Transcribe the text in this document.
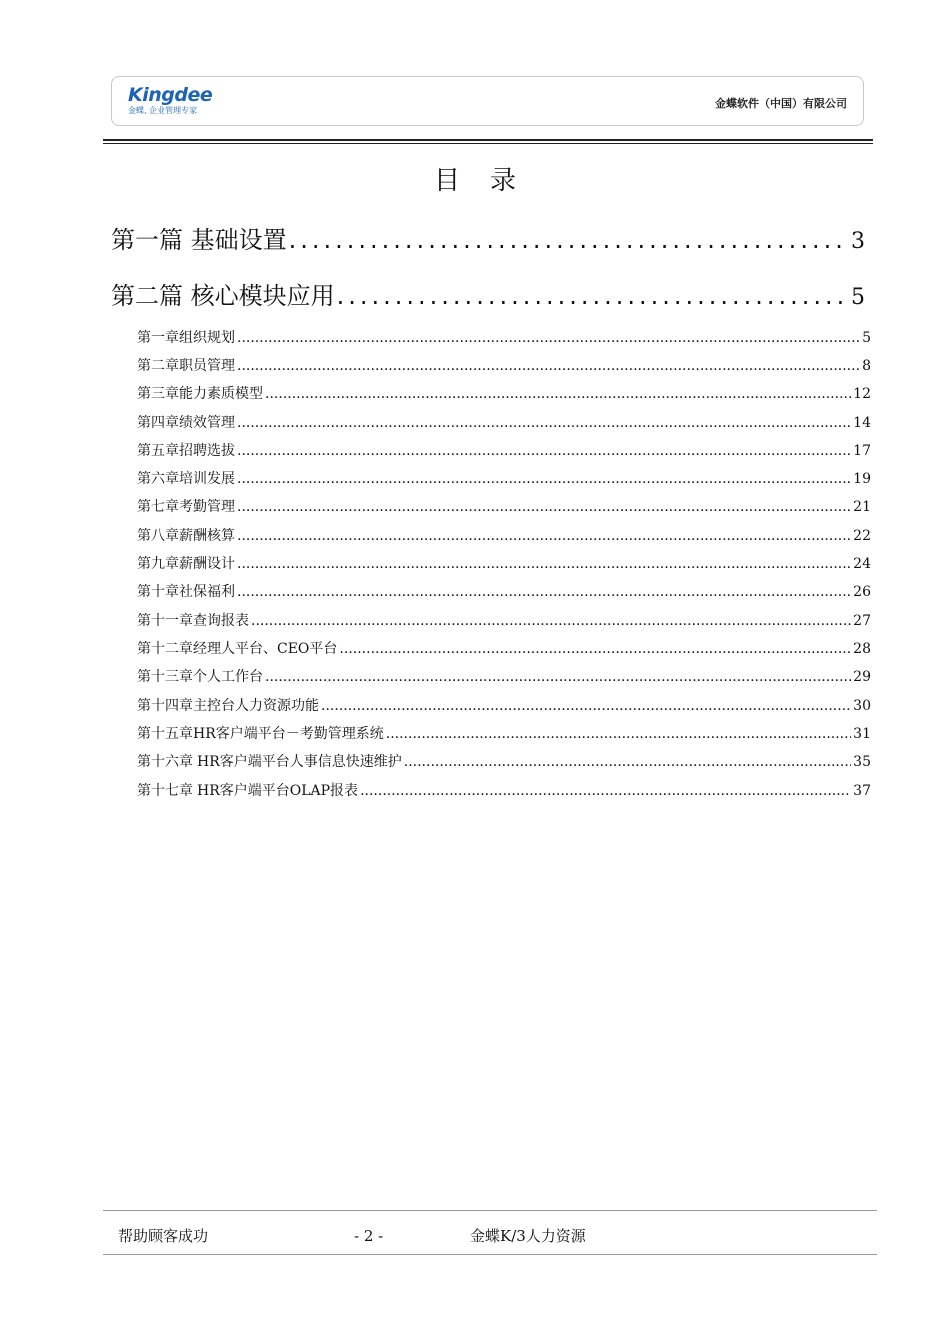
Kingdee
金蝶, 企业管理专家
金蝶软件（中国）有限公司
目录
第一篇 基础设置 .....	3
第二篇 核心模块应用 .....	5
第一章 组织规划 .....	5
第二章 职员管理 .....	8
第三章 能力素质模型 .....	12
第四章 绩效管理 .....	14
第五章 招聘选拔 .....	17
第六章 培训发展 .....	19
第七章 考勤管理 .....	21
第八章 薪酬核算 .....	22
第九章 薪酬设计 .....	24
第十章 社保福利 .....	26
第十一章 查询报表 .....	27
第十二章 经理人平台、CEO平台 .....	28
第十三章 个人工作台 .....	29
第十四章 主控台人力资源功能 .....	30
第十五章 HR客户端平台－考勤管理系统 .....	31
第十六章 HR客户端平台人事信息快速维护 .....	35
第十七章 HR客户端平台OLAP报表 .....	37
帮助顾客成功	- 2 -	金蝶K/3人力资源
